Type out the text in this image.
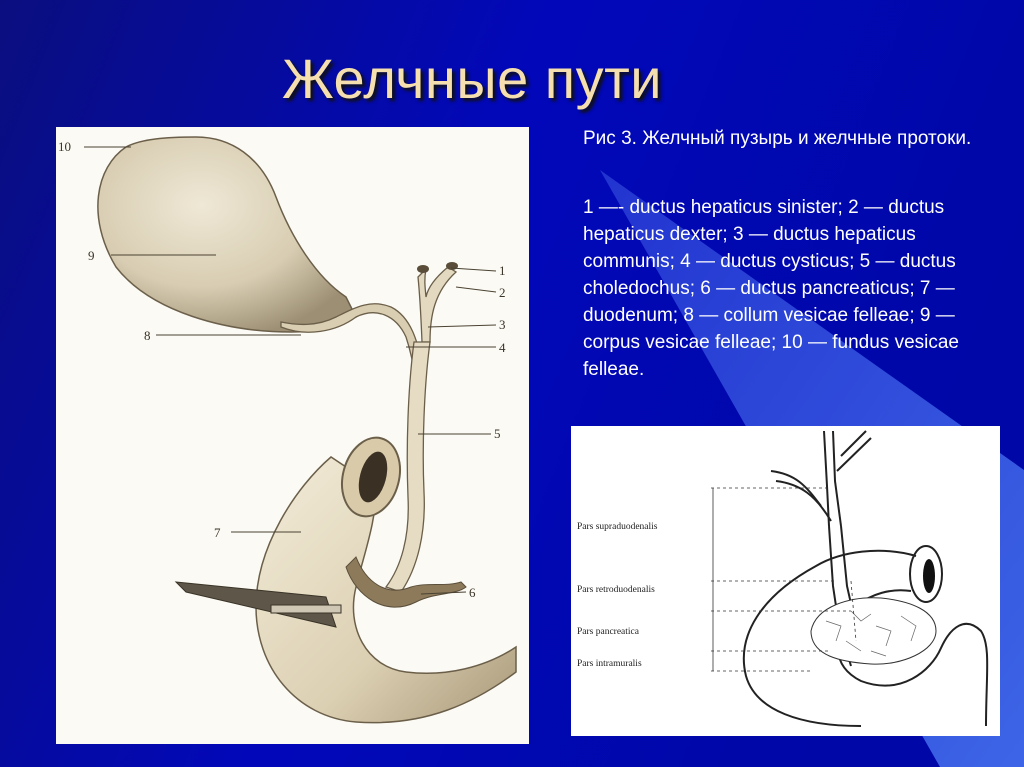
Желчные пути
Рис 3. Желчный пузырь и желчные протоки.
1 —- ductus hepaticus sinister; 2 — ductus hepaticus dexter; 3 — ductus hepaticus communis; 4 — ductus cysticus; 5 — ductus choledochus; 6 — ductus pancreaticus; 7 — duodenum; 8 — collum vesicae felleae; 9 — corpus vesicae felleae; 10 — fundus vesicae felleae.
1
2
3
4
5
6
7
8
9
10
Pars supraduodenalis
Pars retroduodenalis
Pars pancreatica
Pars intramuralis
